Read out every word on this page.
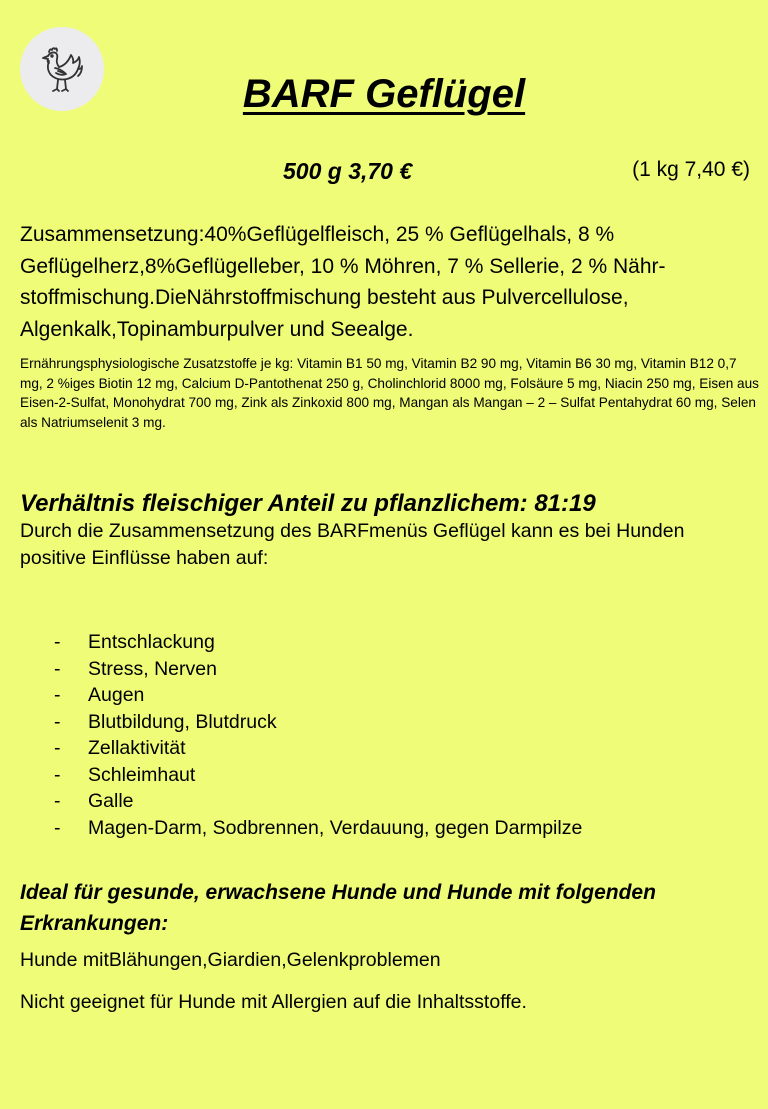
BARF Geflügel
500 g 3,70 €	(1 kg 7,40 €)

Zusammensetzung:40%Geflügelfleisch, 25 % Geflügelhals, 8 % Geflügelherz,8%Geflügelleber, 10 % Möhren, 7 % Sellerie, 2 % Nähr-stoffmischung.DieNährstoffmischung besteht aus Pulvercellulose, Algenkalk,Topinamburpulver und Seealge.

Ernährungsphysiologische Zusatzstoffe je kg: Vitamin B1 50 mg, Vitamin B2 90 mg, Vitamin B6 30 mg, Vitamin B12 0,7 mg, 2 %iges Biotin 12 mg, Calcium D-Pantothenat 250 g, Cholinchlorid 8000 mg, Folsäure 5 mg, Niacin 250 mg, Eisen aus Eisen-2-Sulfat, Monohydrat 700 mg, Zink als Zinkoxid 800 mg, Mangan als Mangan – 2 – Sulfat Pentahydrat 60 mg, Selen als Natriumselenit 3 mg.

Verhältnis fleischiger Anteil zu pflanzlichem: 81:19

Durch die Zusammensetzung des BARFmenüs Geflügel kann es bei Hunden positive Einflüsse haben auf:

- Entschlackung
- Stress, Nerven
- Augen
- Blutbildung, Blutdruck
- Zellaktivität
- Schleimhaut
- Galle
- Magen-Darm, Sodbrennen, Verdauung, gegen Darmpilze
Ideal für gesunde, erwachsene Hunde und Hunde mit folgenden Erkrankungen:

Hunde mitBlähungen,Giardien,Gelenkproblemen

Nicht geeignet für Hunde mit Allergien auf die Inhaltsstoffe.
